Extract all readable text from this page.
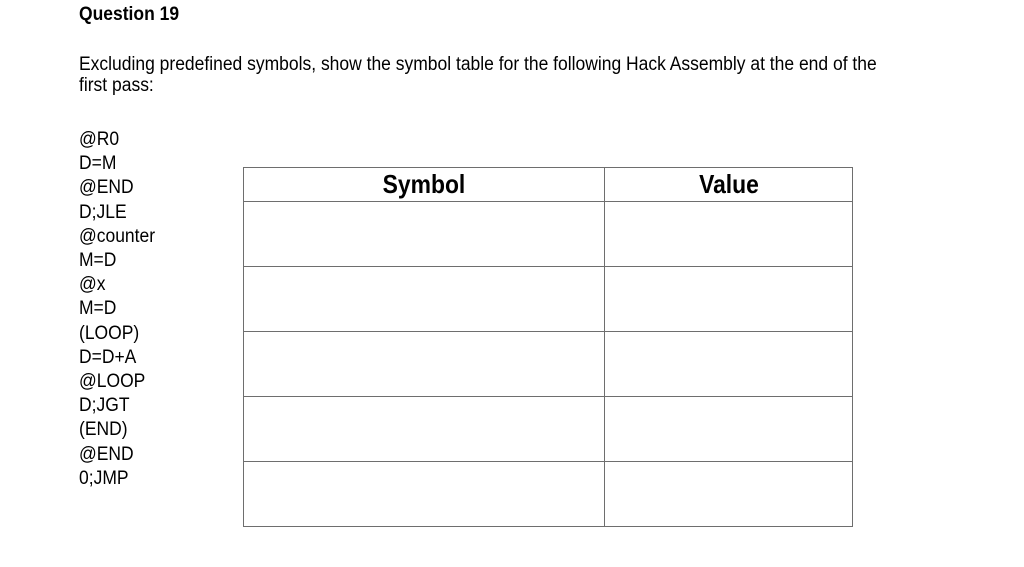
Question 19
Excluding predefined symbols, show the symbol table for the following Hack Assembly at the end of the first pass:
@R0
D=M
@END
D;JLE
@counter
M=D
@x
M=D
(LOOP)
D=D+A
@LOOP
D;JGT
(END)
@END
0;JMP
Symbol	Value
